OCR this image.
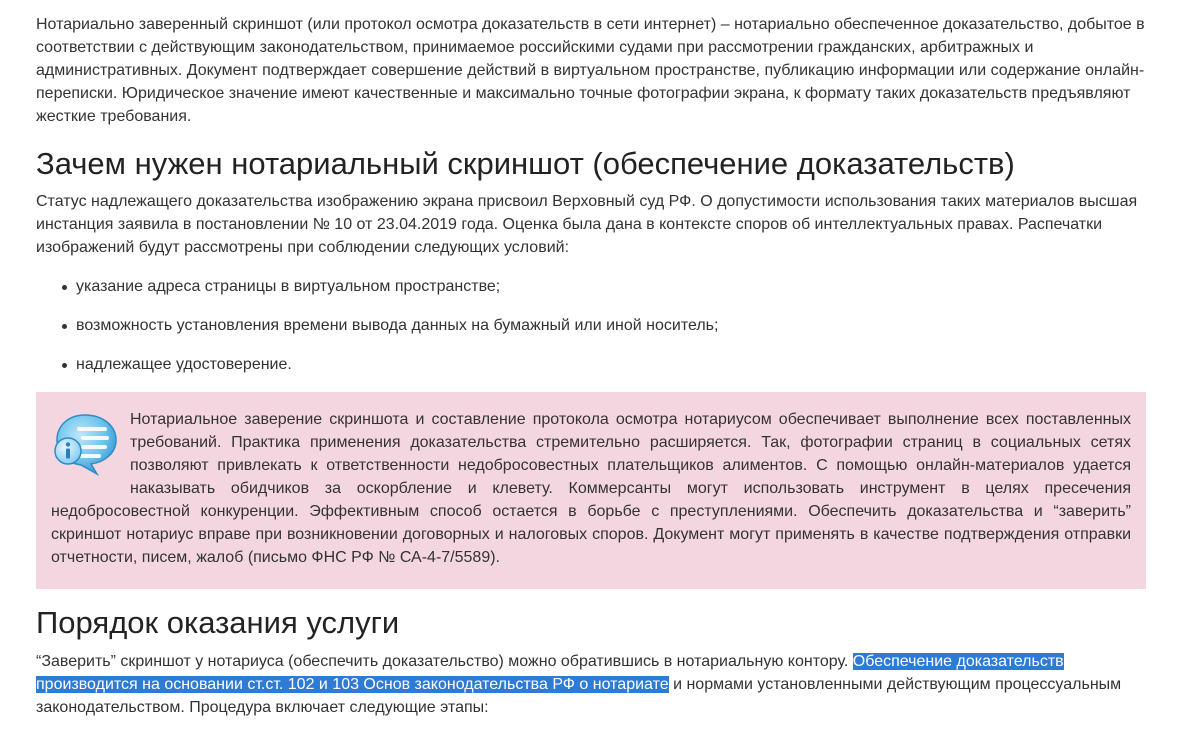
Нотариально заверенный скриншот (или протокол осмотра доказательств в сети интернет) – нотариально обеспеченное доказательство, добытое в соответствии с действующим законодательством, принимаемое российскими судами при рассмотрении гражданских, арбитражных и административных. Документ подтверждает совершение действий в виртуальном пространстве, публикацию информации или содержание онлайн-переписки. Юридическое значение имеют качественные и максимально точные фотографии экрана, к формату таких доказательств предъявляют жесткие требования.

Зачем нужен нотариальный скриншот (обеспечение доказательств)

Статус надлежащего доказательства изображению экрана присвоил Верховный суд РФ. О допустимости использования таких материалов высшая инстанция заявила в постановлении № 10 от 23.04.2019 года. Оценка была дана в контексте споров об интеллектуальных правах. Распечатки изображений будут рассмотрены при соблюдении следующих условий:

указание адреса страницы в виртуальном пространстве;
возможность установления времени вывода данных на бумажный или иной носитель;
надлежащее удостоверение.

Нотариальное заверение скриншота и составление протокола осмотра нотариусом обеспечивает выполнение всех поставленных требований. Практика применения доказательства стремительно расширяется. Так, фотографии страниц в социальных сетях позволяют привлекать к ответственности недобросовестных плательщиков алиментов. С помощью онлайн-материалов удается наказывать обидчиков за оскорбление и клевету. Коммерсанты могут использовать инструмент в целях пресечения недобросовестной конкуренции. Эффективным способ остается в борьбе с преступлениями. Обеспечить доказательства и “заверить” скриншот нотариус вправе при возникновении договорных и налоговых споров. Документ могут применять в качестве подтверждения отправки отчетности, писем, жалоб (письмо ФНС РФ № СА-4-7/5589).

Порядок оказания услуги

“Заверить” скриншот у нотариуса (обеспечить доказательство) можно обратившись в нотариальную контору. Обеспечение доказательств производится на основании ст.ст. 102 и 103 Основ законодательства РФ о нотариате и нормами установленными действующим процессуальным законодательством. Процедура включает следующие этапы:
